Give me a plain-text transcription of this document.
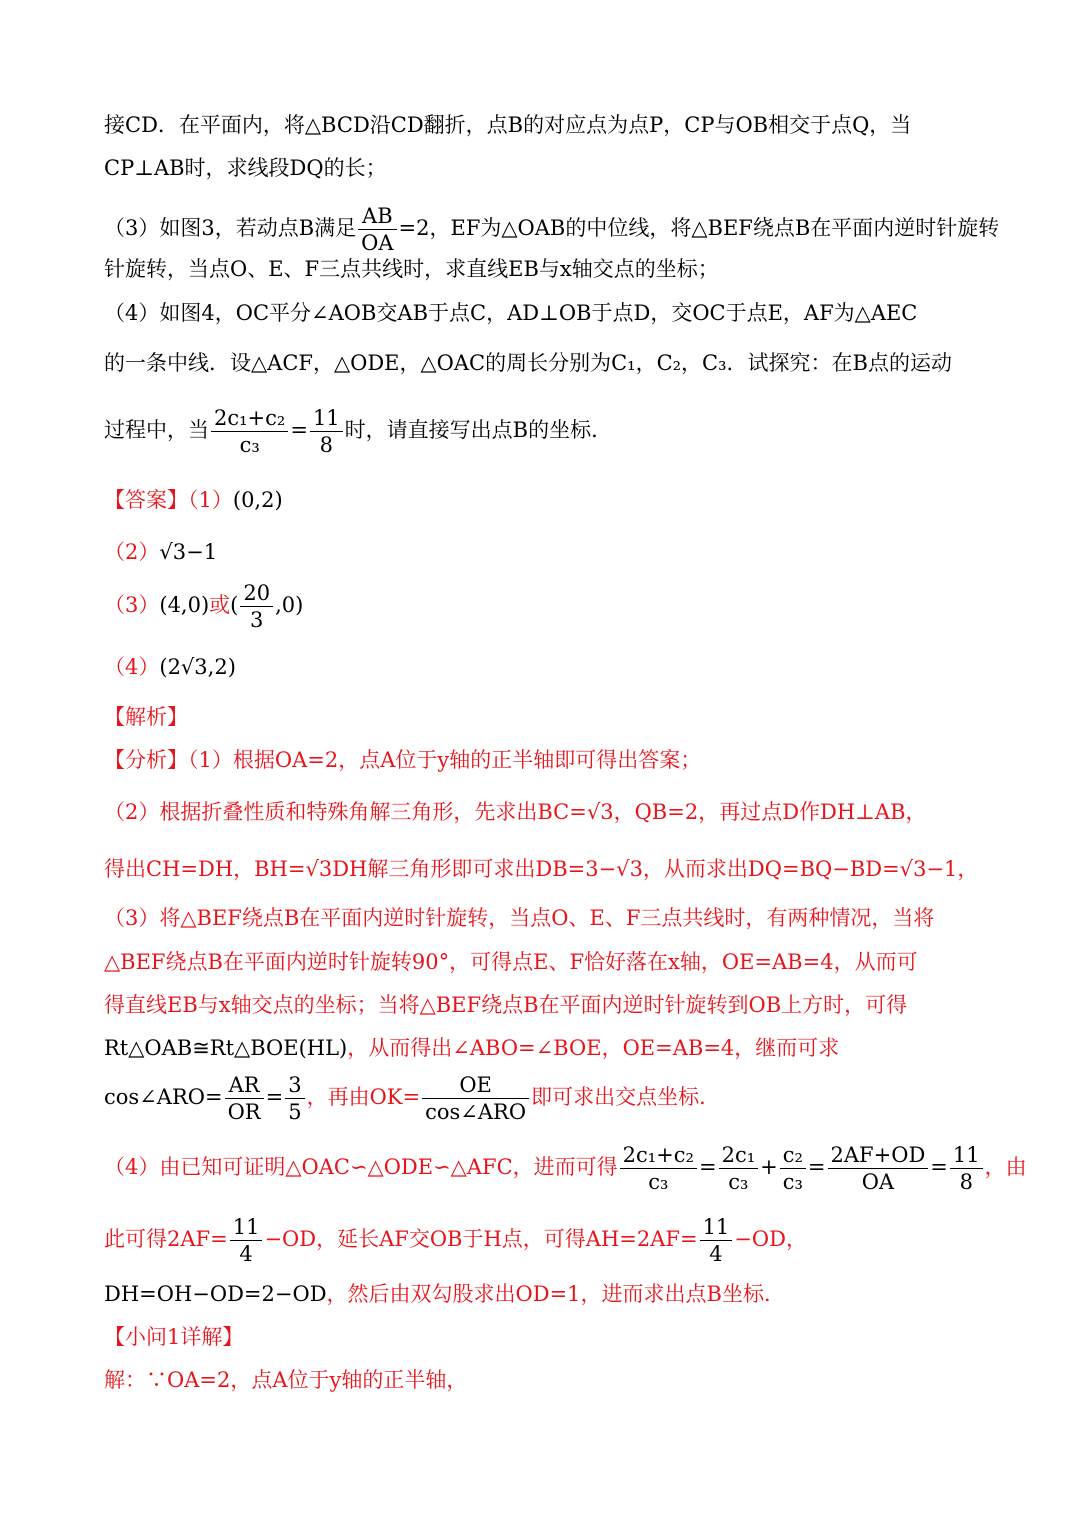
接CD．在平面内，将△BCD沿CD翻折，点B的对应点为点P，CP与OB相交于点Q，当
CP⊥AB时，求线段DQ的长；
（3）如图3，若动点B满足 $\frac{AB}{OA} =2$，EF为△OAB的中位线，将△BEF绕点B在平面内逆时针旋转
针旋转，当点O、E、F三点共线时，求直线EB与x轴交点的坐标；
（4）如图4，OC平分∠AOB交AB于点C，AD⊥OB于点D，交OC于点E，AF为△AEC
的一条中线．设△ACF，△ODE，△OAC的周长分别为C₁，C₂，C₃．试探究：在B点的运动
过程中，当 $\frac{\text{2c₁+c₂}}{\text{c₃}} = \frac{11}{8}$ 时，请直接写出点B的坐标．
【答案】（1）(0,2)
（2）√3−1
（3）(4,0)或( $\frac{20}{3} ,0$)
（4）(2√3,2)
【解析】
【分析】（1）根据OA=2，点A位于y轴的正半轴即可得出答案；
（2）根据折叠性质和特殊角解三角形，先求出BC=√3，QB=2，再过点D作DH⊥AB，
得出CH=DH，BH=√3DH解三角形即可求出DB=3−√3，从而求出DQ=BQ−BD=√3−1，
（3）将△BEF绕点B在平面内逆时针旋转，当点O、E、F三点共线时，有两种情况，当将
△BEF绕点B在平面内逆时针旋转90°，可得点E、F恰好落在x轴，OE=AB=4，从而可
得直线EB与x轴交点的坐标；当将△BEF绕点B在平面内逆时针旋转到OB上方时，可得
Rt△OAB≅Rt△BOE(HL)，从而得出∠ABO=∠BOE，OE=AB=4，继而可求
cos∠ARO= $\frac{AR}{OR} = \frac{3}{5}$ ，再由$OK= \frac{OE}{\text{cos∠ARO}}$ 即可求出交点坐标．
（4）由已知可证明△OAC∽△ODE∽△AFC，进而可得 $\frac{\text{2c₁+c₂}}{\text{c₃}} = \frac{\text{2c₁}}{\text{c₃}} + \frac{\text{c₂}}{\text{c₃}} = \frac{2AF+OD}{OA} = \frac{11}{8}$ ，由
此可得$2AF= \frac{11}{4} -OD$，延长AF交OB于H点，可得$AH=2AF= \frac{11}{4} -OD$，
DH=OH−OD=2−OD，然后由双勾股求出OD=1，进而求出点B坐标．
【小问1详解】
解：∵OA=2，点A位于y轴的正半轴，
